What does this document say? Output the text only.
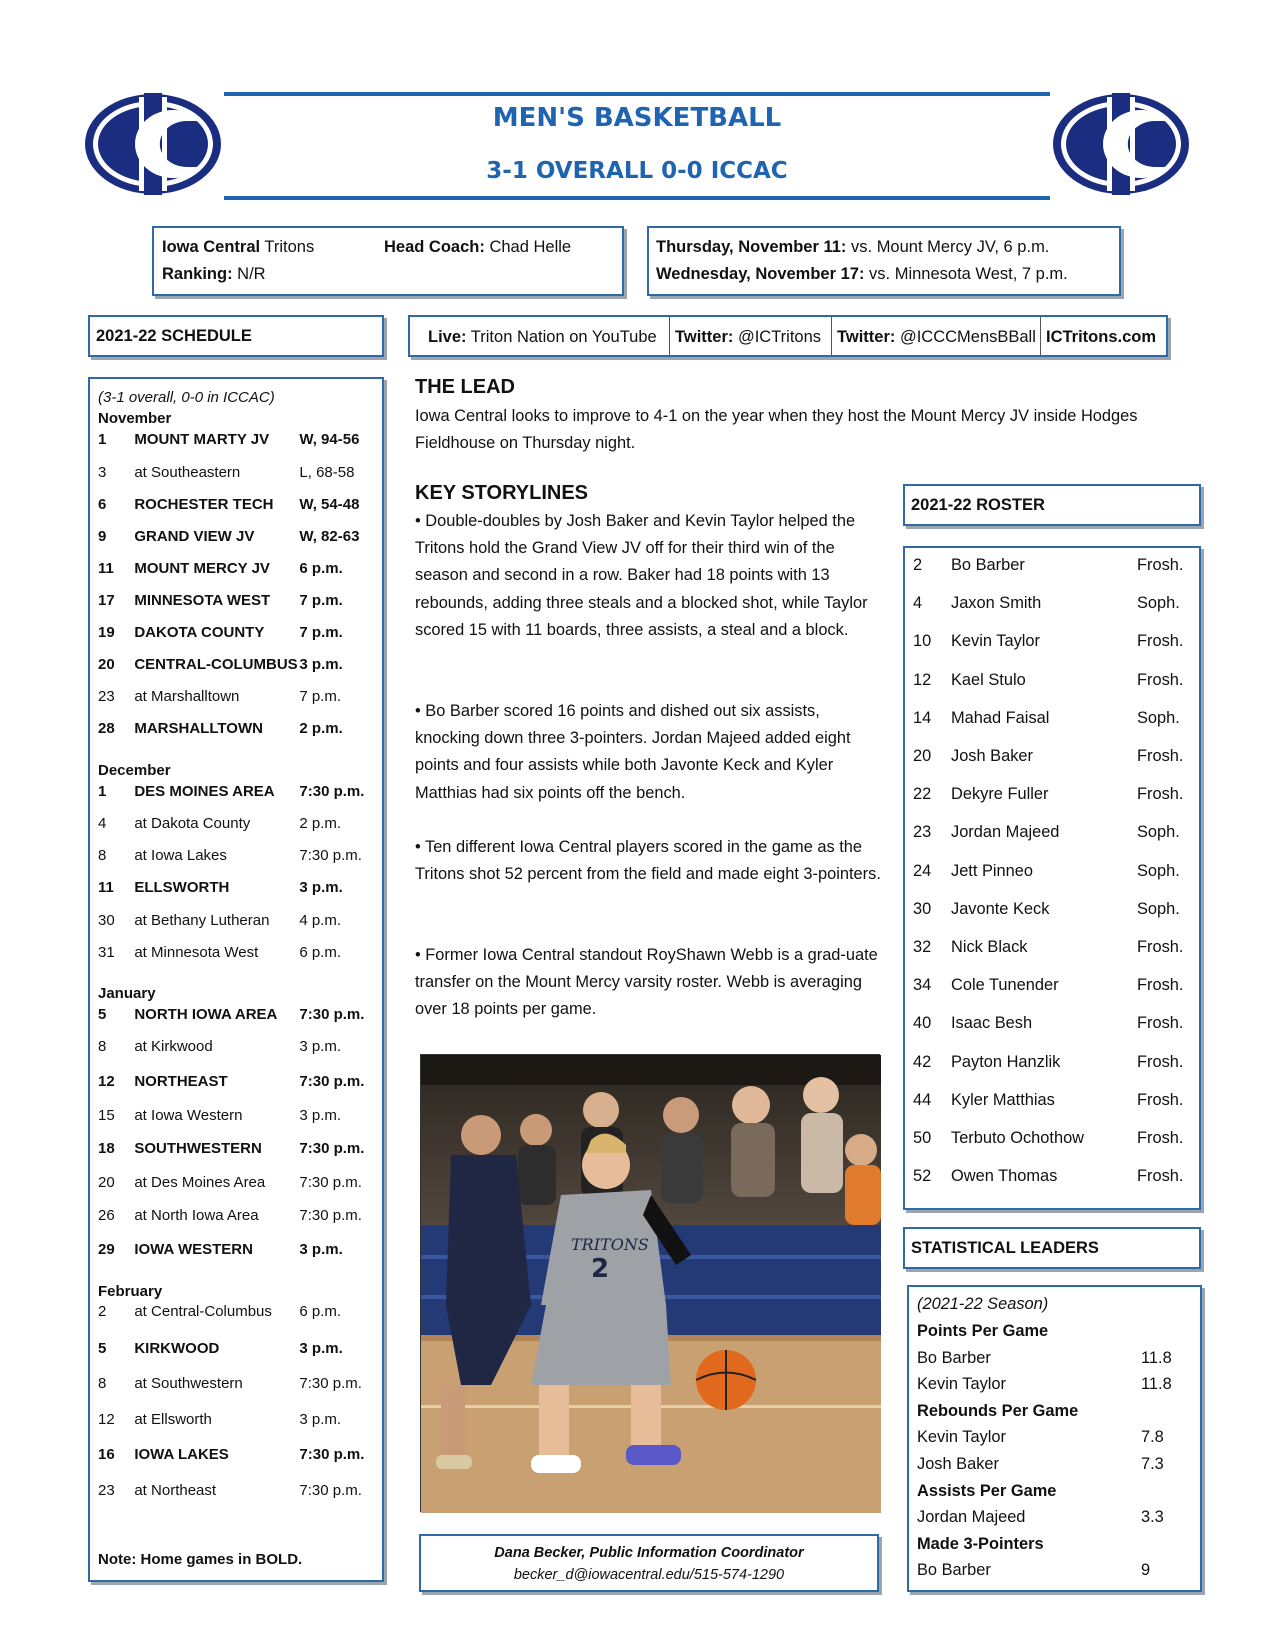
IC
MEN'S BASKETBALL
3-1 OVERALL 0-0 ICCAC
Iowa Central Tritons	Head Coach: Chad Helle
Ranking: N/R
Thursday, November 11: vs. Mount Mercy JV, 6 p.m.
Wednesday, November 17: vs. Minnesota West, 7 p.m.
2021-22 SCHEDULE	Live: Triton Nation on YouTube	Twitter: @ICTritons Twitter: @ICCCMensBBall ICTritons.com
(3-1 overall, 0-0 in ICCAC)
November
December
January
February
1	MOUNT MARTY JV	W, 94-56
3	at Southeastern	L, 68-58
6	ROCHESTER TECH	W, 54-48
9	GRAND VIEW JV	W, 82-63
11	MOUNT MERCY JV	6 p.m.
17	MINNESOTA WEST	7 p.m.
19	DAKOTA COUNTY	7 p.m.
20	CENTRAL-COLUMBUS 3 p.m.
23	at Marshalltown	7 p.m.
28	MARSHALLTOWN	2 p.m.
1	DES MOINES AREA	7:30 p.m.
4	at Dakota County	2 p.m.
8	at Iowa Lakes	7:30 p.m.
11	ELLSWORTH	3 p.m.
30	at Bethany Lutheran	4 p.m.
31	at Minnesota West	6 p.m.
5	NORTH IOWA AREA	7:30 p.m.
8	at Kirkwood	3 p.m.
12	NORTHEAST	7:30 p.m.
15	at Iowa Western	3 p.m.
18	SOUTHWESTERN	7:30 p.m.
20	at Des Moines Area	7:30 p.m.
26	at North Iowa Area	7:30 p.m.
29	IOWA WESTERN	3 p.m.
2	at Central-Columbus	6 p.m.
5	KIRKWOOD	3 p.m.
8	at Southwestern	7:30 p.m.
12	at Ellsworth	3 p.m.
16	IOWA LAKES	7:30 p.m.
23	at Northeast	7:30 p.m.
Note: Home games in BOLD.
THE LEAD
Iowa Central looks to improve to 4-1 on the year when they host the Mount Mercy JV inside Hodges Fieldhouse on Thursday night.
KEY STORYLINES
• Double-doubles by Josh Baker and Kevin Taylor helped the Tritons hold the Grand View JV off for their third win of the season and second in a row. Baker had 18 points with 13 rebounds, adding three steals and a blocked shot, while Taylor scored 15 with 11 boards, three assists, a steal and a block.
• Bo Barber scored 16 points and dished out six assists, knocking down three 3-pointers. Jordan Majeed added eight points and four assists while both Javonte Keck and Kyler Matthias had six points off the bench.
• Ten different Iowa Central players scored in the game as the Tritons shot 52 percent from the field and made eight 3-pointers.
• Former Iowa Central standout RoyShawn Webb is a grad-uate transfer on the Mount Mercy varsity roster. Webb is averaging over 18 points per game.
TRITONS
2
Dana Becker, Public Information Coordinator
becker_d@iowacentral.edu/515-574-1290
2021-22 ROSTER
2	Bo Barber	Frosh.
4	Jaxon Smith	Soph.
10	Kevin Taylor	Frosh.
12	Kael Stulo	Frosh.
14	Mahad Faisal	Soph.
20	Josh Baker	Frosh.
22	Dekyre Fuller	Frosh.
23	Jordan Majeed	Soph.
24	Jett Pinneo	Soph.
30	Javonte Keck	Soph.
32	Nick Black	Frosh.
34	Cole Tunender	Frosh.
40	Isaac Besh	Frosh.
42	Payton Hanzlik	Frosh.
44	Kyler Matthias	Frosh.
50	Terbuto Ochothow	Frosh.
52	Owen Thomas	Frosh.
STATISTICAL LEADERS
(2021-22 Season)
Points Per Game
Bo Barber	11.8
Kevin Taylor	11.8
Rebounds Per Game
Kevin Taylor	7.8
Josh Baker	7.3
Assists Per Game
Jordan Majeed	3.3
Made 3-Pointers
Bo Barber	9
